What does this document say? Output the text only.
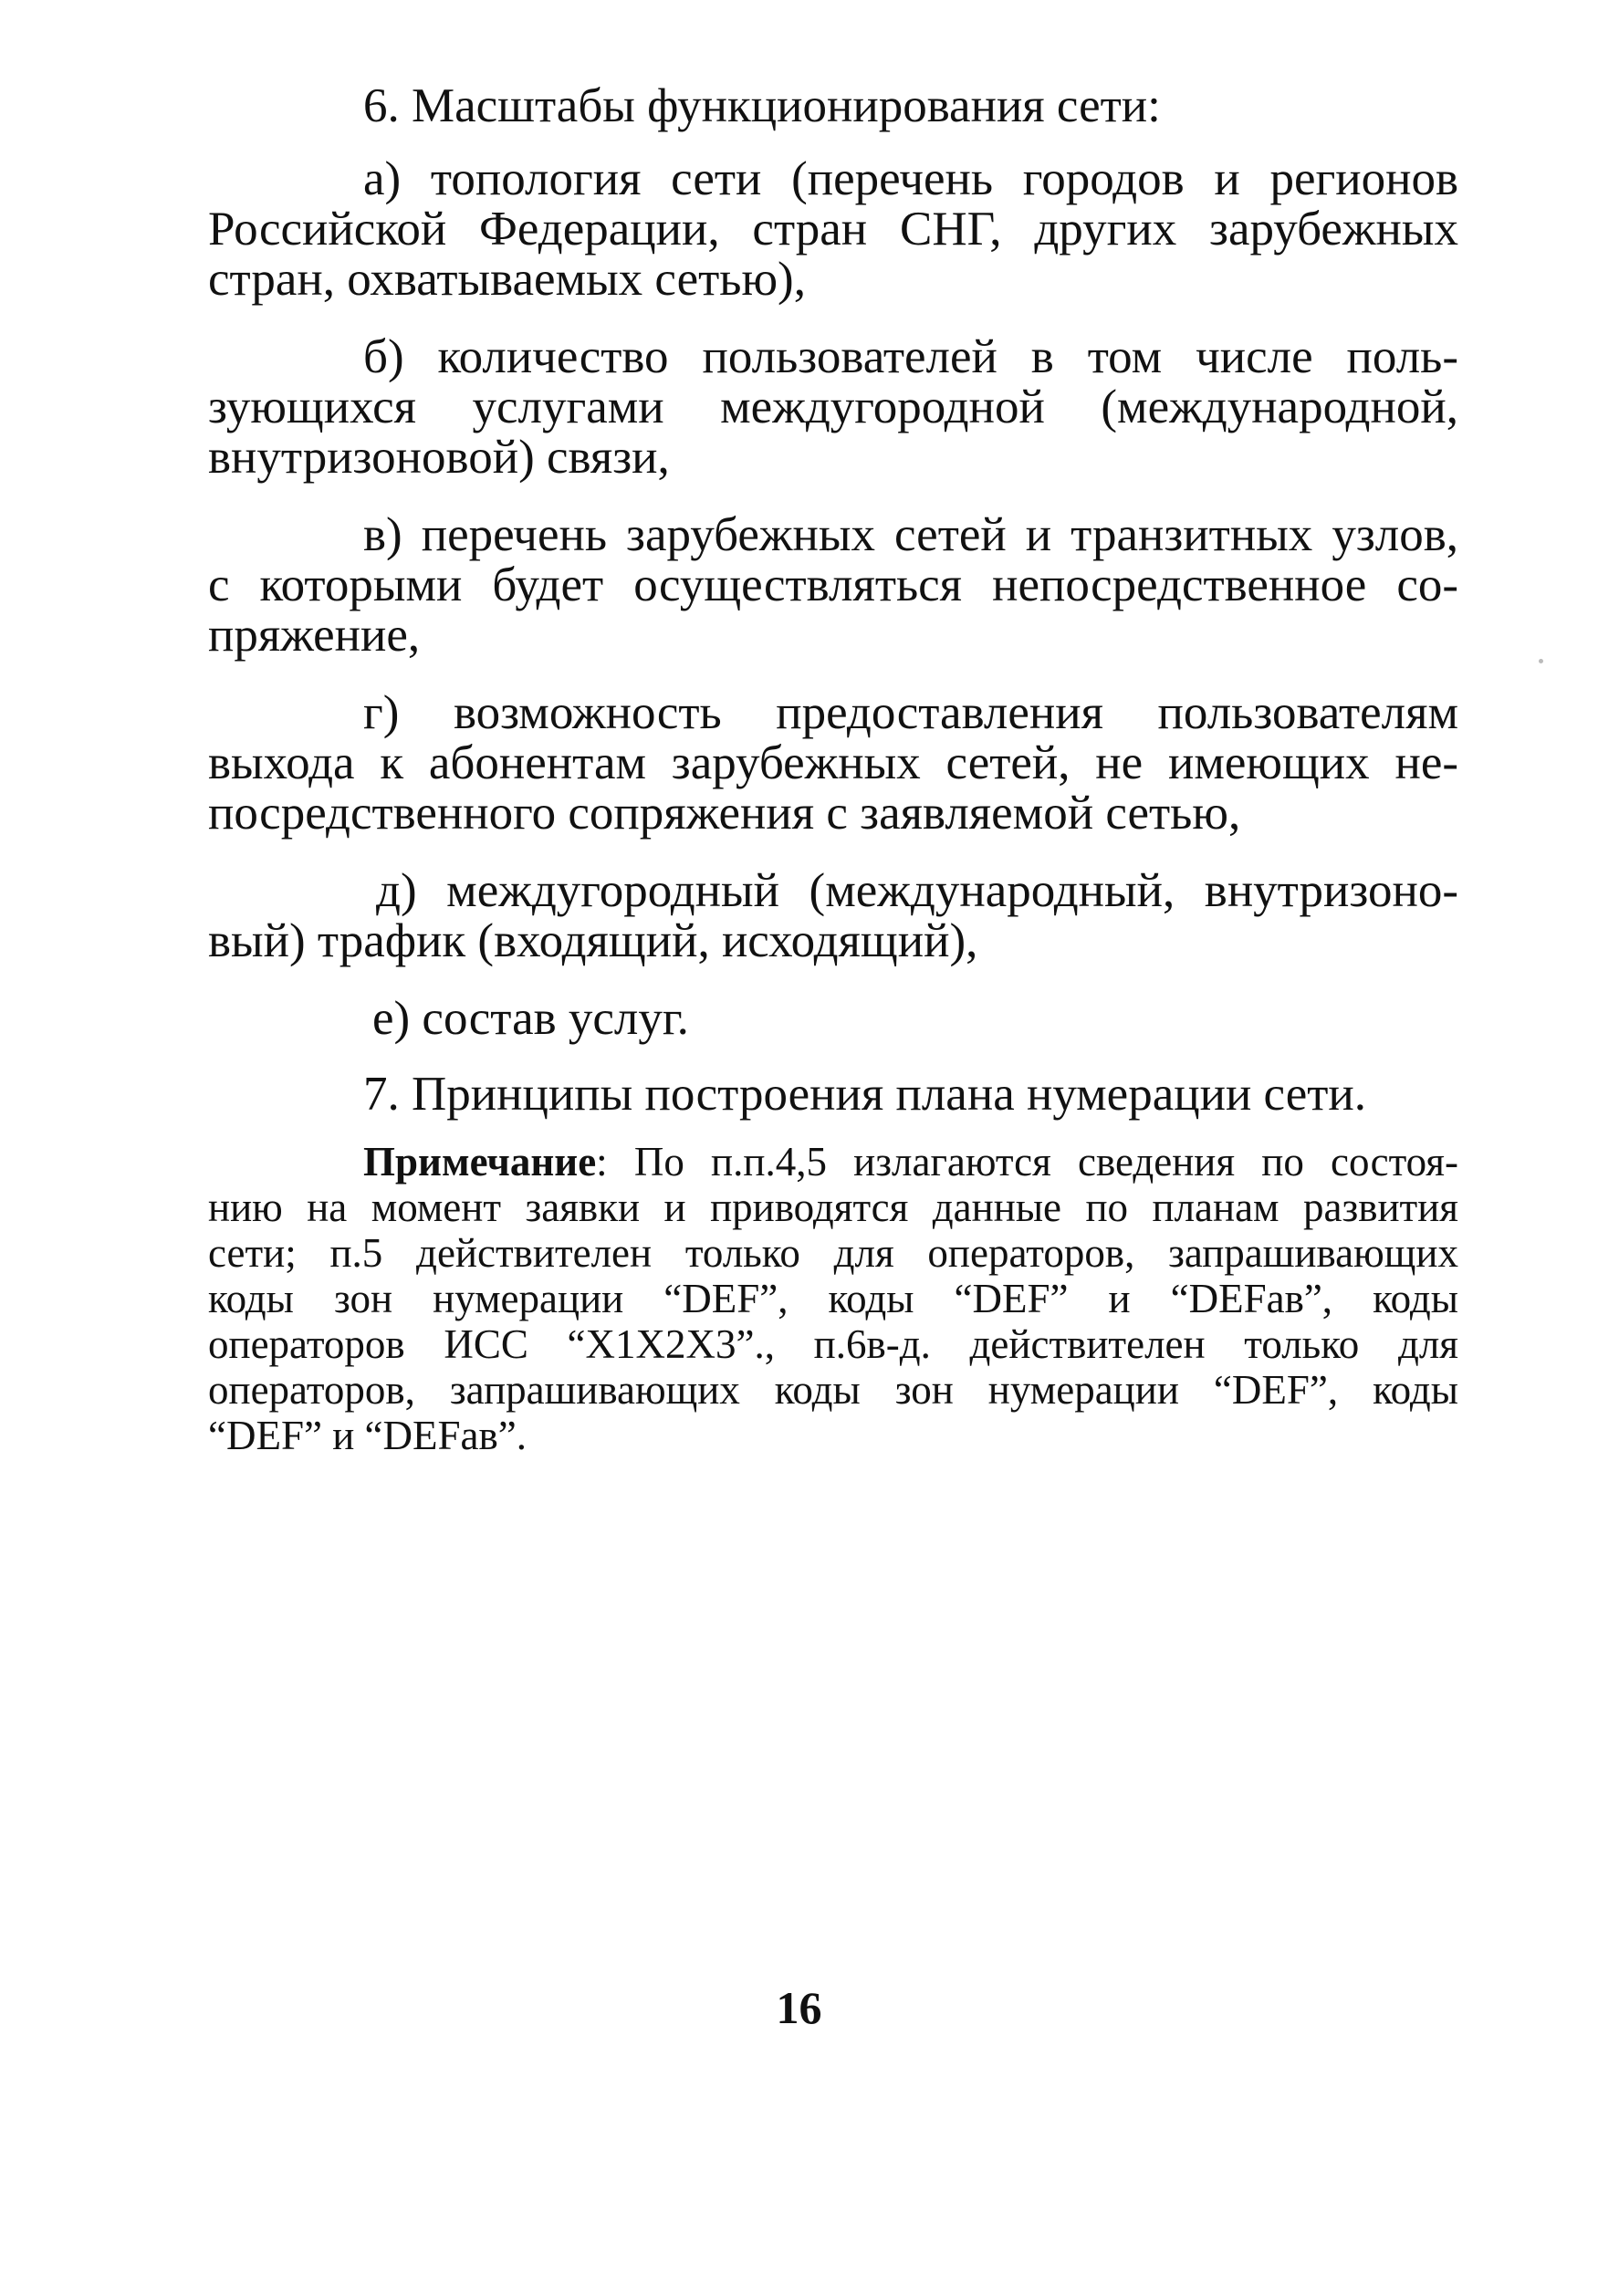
6. Масштабы функционирования сети:
а) топология сети (перечень городов и регионов
Российской Федерации, стран СНГ, других зарубежных
стран, охватываемых сетью),
б) количество пользователей в том числе поль-
зующихся услугами междугородной (международной,
внутризоновой) связи,
в) перечень зарубежных сетей и транзитных узлов,
с которыми будет осуществляться непосредственное со-
пряжение,
г) возможность предоставления пользователям
выхода к абонентам зарубежных сетей, не имеющих не-
посредственного сопряжения с заявляемой сетью,
д) междугородный (международный, внутризоно-
вый) трафик (входящий, исходящий),
е) состав услуг.
7. Принципы построения плана нумерации сети.
Примечание: По п.п.4,5 излагаются сведения по состоя-
нию на момент заявки и приводятся данные по планам развития
сети; п.5 действителен только для операторов, запрашивающих
коды зон нумерации “DEF”, коды “DEF” и “DEFав”, коды
операторов ИСС “X1X2X3”., п.6в-д. действителен только для
операторов, запрашивающих коды зон нумерации “DEF”, коды
“DEF” и “DEFав”.
16
